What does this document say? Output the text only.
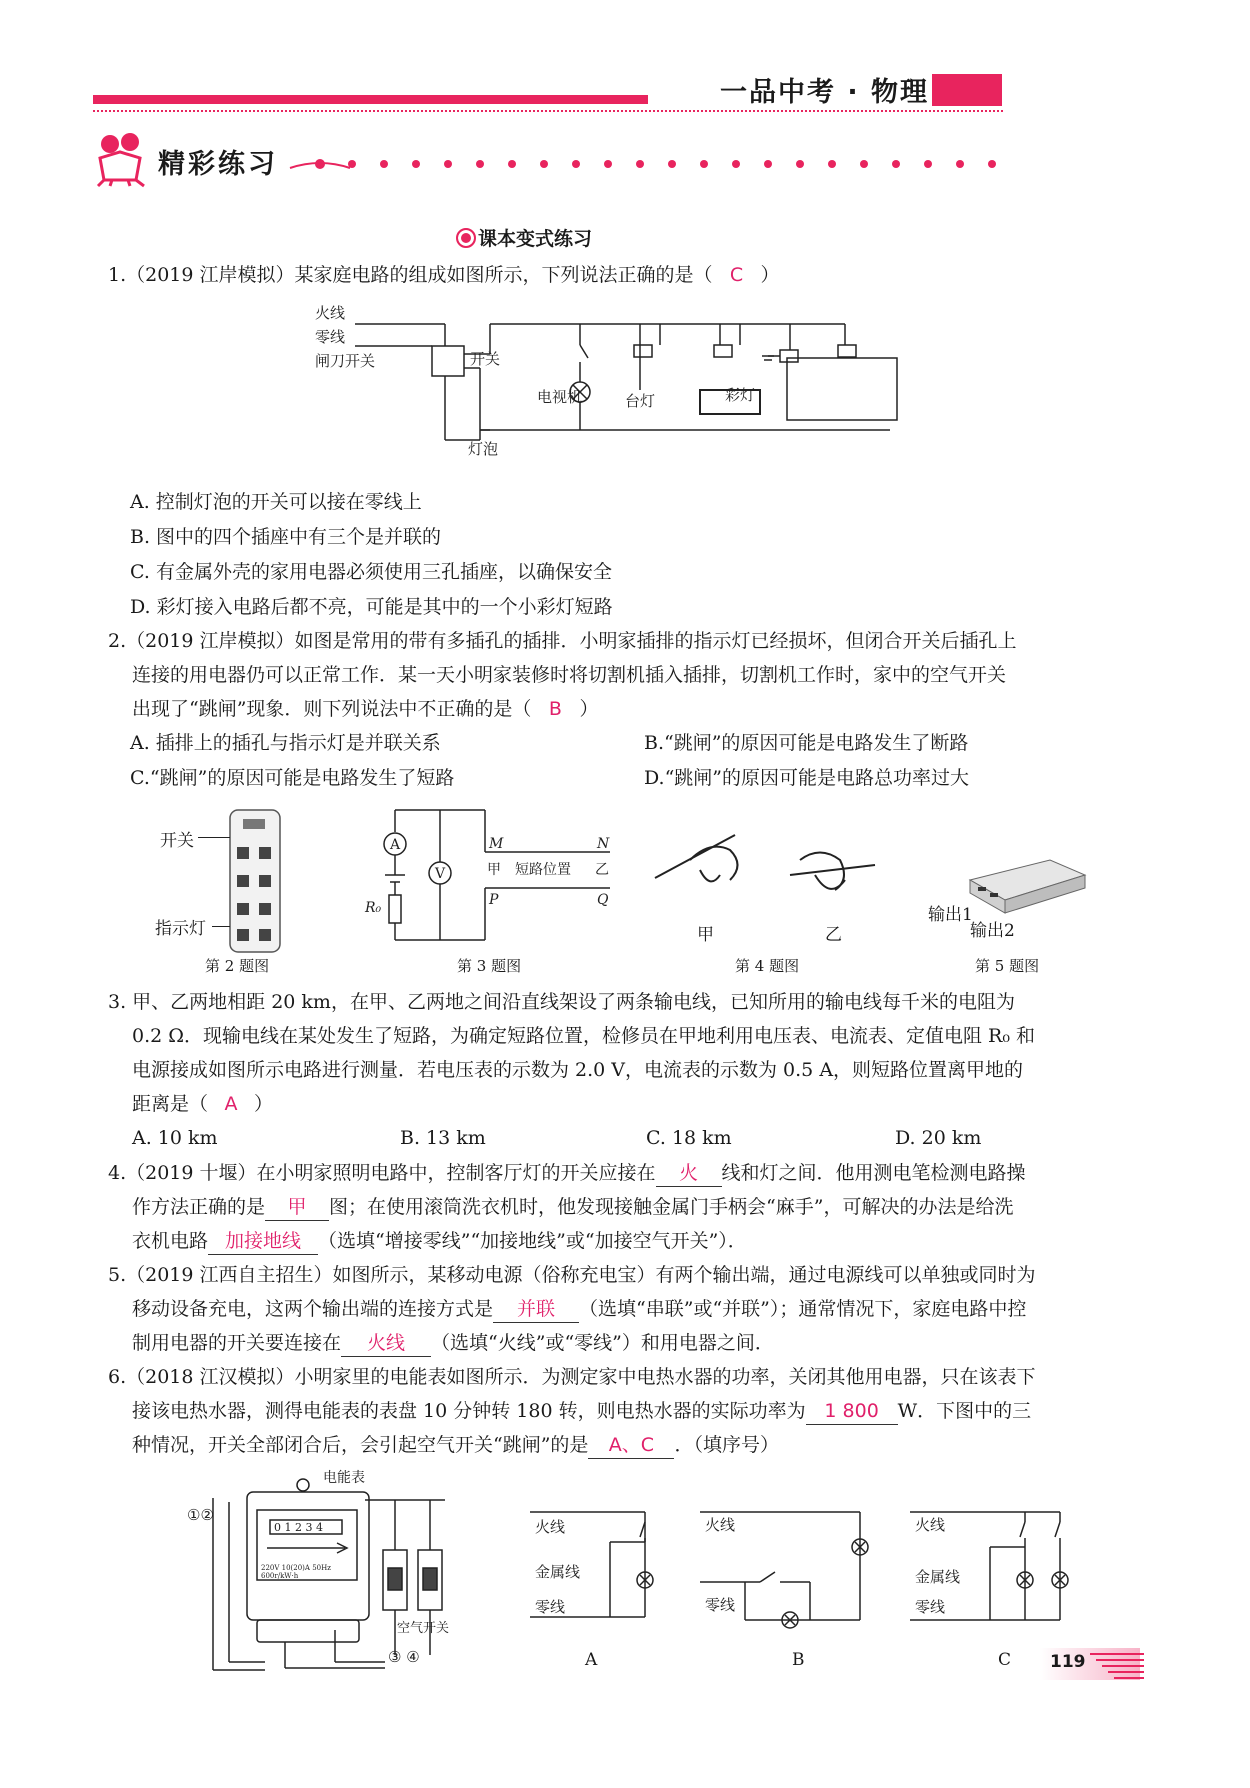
一品中考 · 物理
精彩练习
课本变式练习
1.（2019 江岸模拟）某家庭电路的组成如图所示，下列说法正确的是（ C ）
火线
零线
闸刀开关	开关
灯泡
电视机	台灯	彩灯
A. 控制灯泡的开关可以接在零线上
B. 图中的四个插座中有三个是并联的
C. 有金属外壳的家用电器必须使用三孔插座，以确保安全
D. 彩灯接入电路后都不亮，可能是其中的一个小彩灯短路
2.（2019 江岸模拟）如图是常用的带有多插孔的插排．小明家插排的指示灯已经损坏，但闭合开关后插孔上
连接的用电器仍可以正常工作．某一天小明家装修时将切割机插入插排，切割机工作时，家中的空气开关
出现了“跳闸”现象．则下列说法中不正确的是（ B ）
A. 插排上的插孔与指示灯是并联关系	B.“跳闸”的原因可能是电路发生了断路
C.“跳闸”的原因可能是电路发生了短路	D.“跳闸”的原因可能是电路总功率过大
开关
指示灯
第 2 题图
A
V
R₀
M	N
P	Q
甲 短路位置 乙
第 3 题图
甲	乙
第 4 题图
输出1
输出2
第 5 题图
3. 甲、乙两地相距 20 km，在甲、乙两地之间沿直线架设了两条输电线，已知所用的输电线每千米的电阻为
0.2 Ω．现输电线在某处发生了短路，为确定短路位置，检修员在甲地利用电压表、电流表、定值电阻 R₀ 和
电源接成如图所示电路进行测量．若电压表的示数为 2.0 V，电流表的示数为 0.5 A，则短路位置离甲地的
距离是（ A ）
A. 10 km	B. 13 km	C. 18 km	D. 20 km
4.（2019 十堰）在小明家照明电路中，控制客厅灯的开关应接在 火 线和灯之间．他用测电笔检测电路操
作方法正确的是 甲 图；在使用滚筒洗衣机时，他发现接触金属门手柄会“麻手”，可解决的办法是给洗
衣机电路 加接地线 （选填“增接零线”“加接地线”或“加接空气开关”）．
5.（2019 江西自主招生）如图所示，某移动电源（俗称充电宝）有两个输出端，通过电源线可以单独或同时为
移动设备充电，这两个输出端的连接方式是 并联 （选填“串联”或“并联”）；通常情况下，家庭电路中控
制用电器的开关要连接在 火线 （选填“火线”或“零线”）和用电器之间．
6.（2018 江汉模拟）小明家里的电能表如图所示．为测定家中电热水器的功率，关闭其他用电器，只在该表下
接该电热水器，测得电能表的表盘 10 分钟转 180 转，则电热水器的实际功率为 1 800 W．下图中的三
种情况，开关全部闭合后，会引起空气开关“跳闸”的是 A、C ．（填序号）
电能表
0 1 2 3 4
220V 10(20)A 50Hz
600r/kW·h
①②
③ ④
空气开关
火线
金属线
零线
A
火线
零线
B
火线
金属线
零线
C 119
